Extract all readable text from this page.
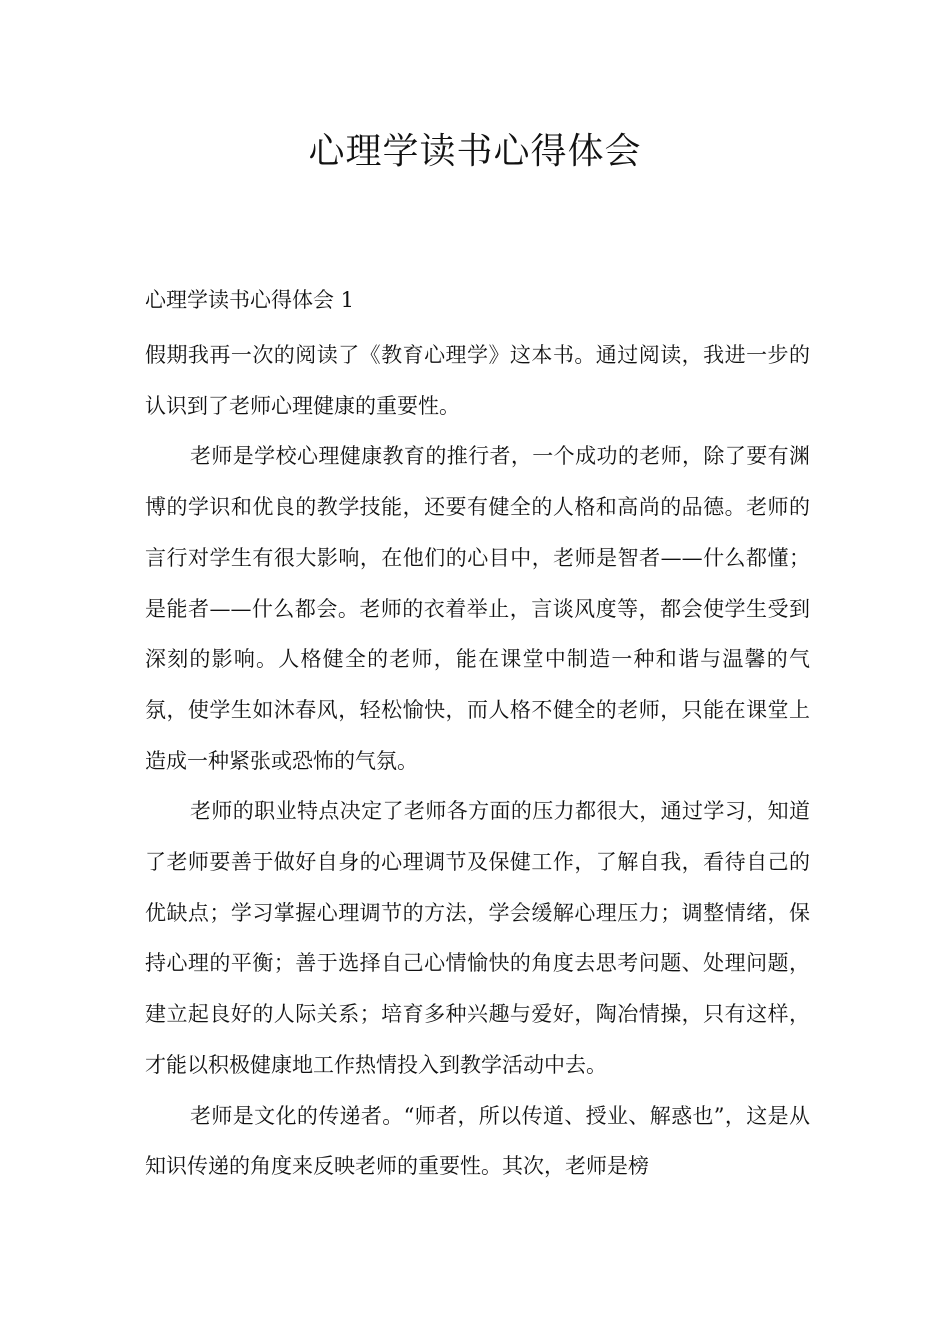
心理学读书心得体会
心理学读书心得体会 1

假期我再一次的阅读了《教育心理学》这本书。通过阅读，我进一步的认识到了老师心理健康的重要性。

老师是学校心理健康教育的推行者，一个成功的老师，除了要有渊博的学识和优良的教学技能，还要有健全的人格和高尚的品德。老师的言行对学生有很大影响，在他们的心目中，老师是智者——什么都懂；是能者——什么都会。老师的衣着举止，言谈风度等，都会使学生受到深刻的影响。人格健全的老师，能在课堂中制造一种和谐与温馨的气氛，使学生如沐春风，轻松愉快，而人格不健全的老师，只能在课堂上造成一种紧张或恐怖的气氛。

老师的职业特点决定了老师各方面的压力都很大，通过学习，知道了老师要善于做好自身的心理调节及保健工作，了解自我，看待自己的优缺点；学习掌握心理调节的方法，学会缓解心理压力；调整情绪，保持心理的平衡；善于选择自己心情愉快的角度去思考问题、处理问题，建立起良好的人际关系；培育多种兴趣与爱好，陶冶情操，只有这样，才能以积极健康地工作热情投入到教学活动中去。

老师是文化的传递者。“师者，所以传道、授业、解惑也”，这是从知识传递的角度来反映老师的重要性。其次，老师是榜
